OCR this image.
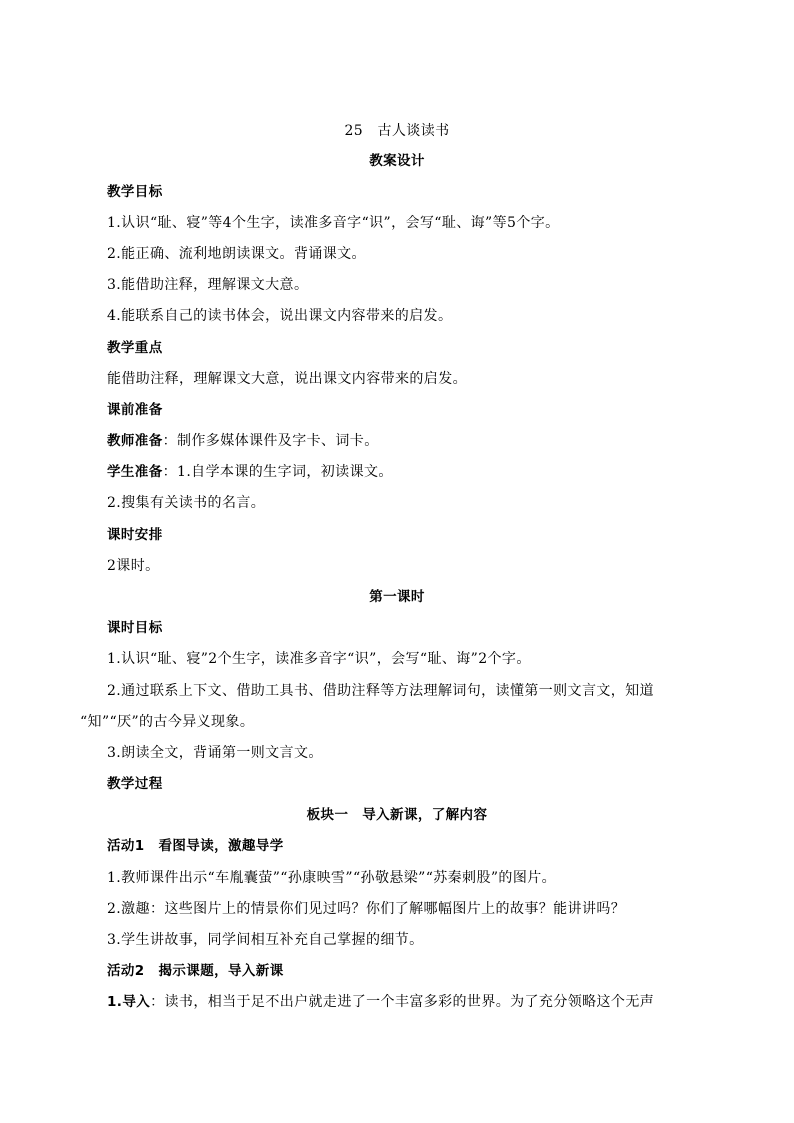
25　古人谈读书
教案设计
教学目标
1.认识“耻、寝”等4个生字，读准多音字“识”，会写“耻、诲”等5个字。
2.能正确、流利地朗读课文。背诵课文。
3.能借助注释，理解课文大意。
4.能联系自己的读书体会，说出课文内容带来的启发。
教学重点
能借助注释，理解课文大意，说出课文内容带来的启发。
课前准备
教师准备：制作多媒体课件及字卡、词卡。
学生准备：1.自学本课的生字词，初读课文。
2.搜集有关读书的名言。
课时安排
2课时。
第一课时
课时目标
1.认识“耻、寝”2个生字，读准多音字“识”，会写“耻、诲”2个字。
2.通过联系上下文、借助工具书、借助注释等方法理解词句，读懂第一则文言文，知道
“知”“厌”的古今异义现象。
3.朗读全文，背诵第一则文言文。
教学过程
板块一　导入新课，了解内容
活动1　看图导读，激趣导学
1.教师课件出示“车胤囊萤”“孙康映雪”“孙敬悬梁”“苏秦刺股”的图片。
2.激趣：这些图片上的情景你们见过吗？你们了解哪幅图片上的故事？能讲讲吗？
3.学生讲故事，同学间相互补充自己掌握的细节。
活动2　揭示课题，导入新课
1.导入：读书，相当于足不出户就走进了一个丰富多彩的世界。为了充分领略这个无声
